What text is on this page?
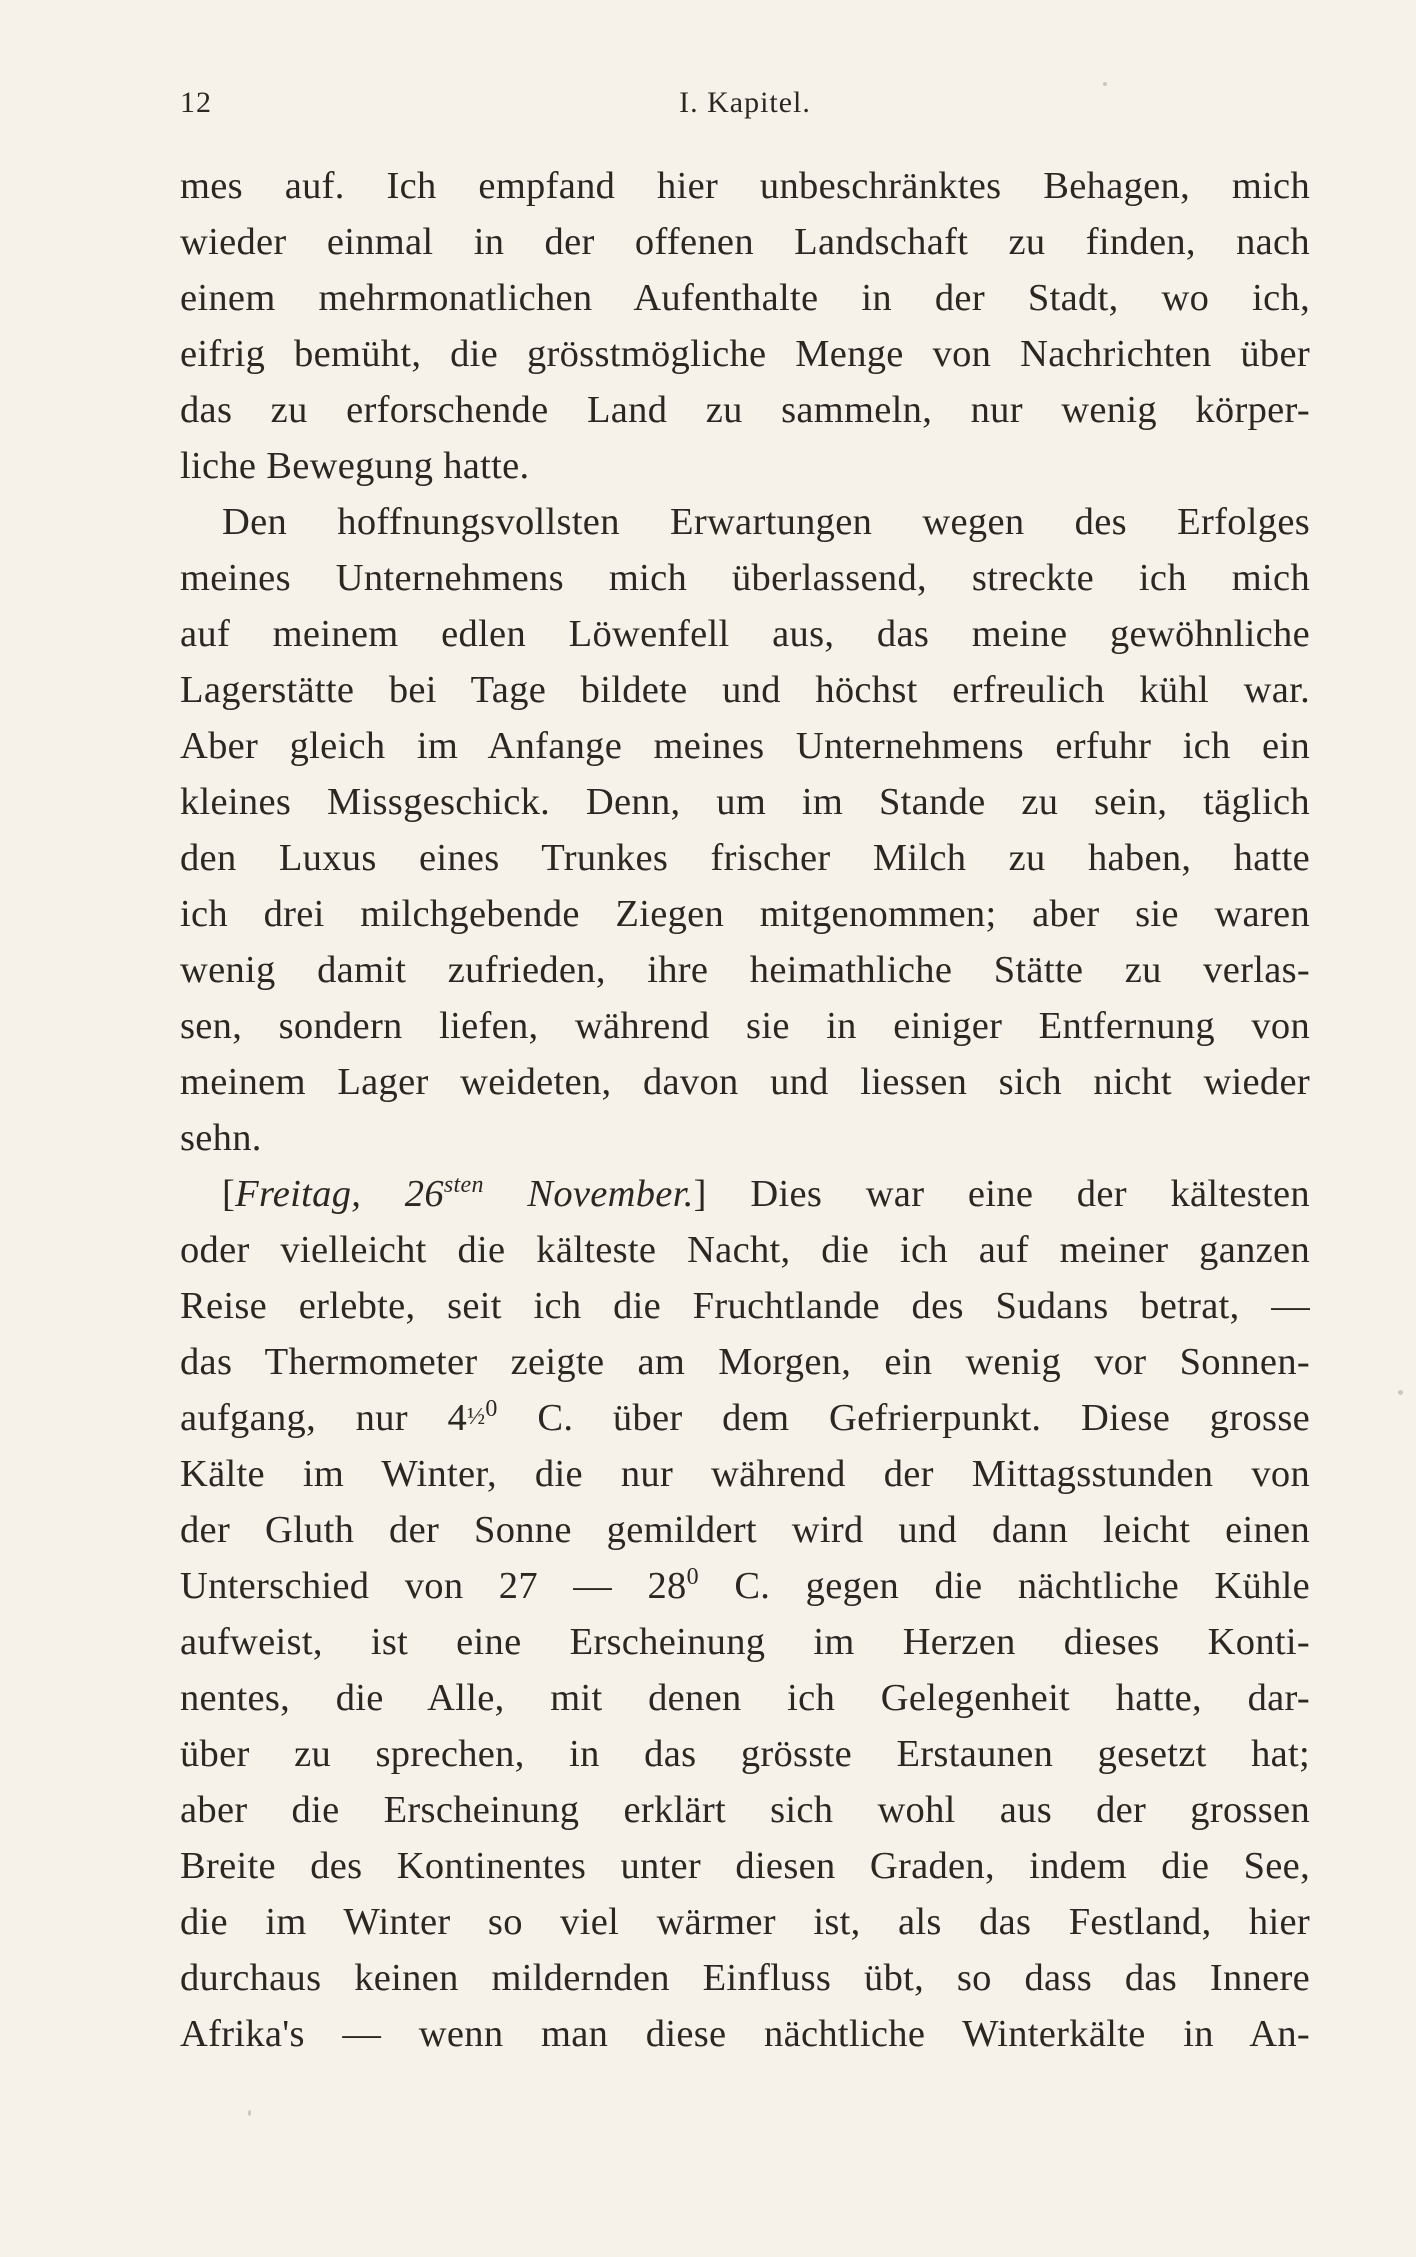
12	I. Kapitel.
mes auf. Ich empfand hier unbeschränktes Behagen, mich
wieder einmal in der offenen Landschaft zu finden, nach
einem mehrmonatlichen Aufenthalte in der Stadt, wo ich,
eifrig bemüht, die grösstmögliche Menge von Nachrichten über
das zu erforschende Land zu sammeln, nur wenig körper-
liche Bewegung hatte.
Den hoffnungsvollsten Erwartungen wegen des Erfolges
meines Unternehmens mich überlassend, streckte ich mich
auf meinem edlen Löwenfell aus, das meine gewöhnliche
Lagerstätte bei Tage bildete und höchst erfreulich kühl war.
Aber gleich im Anfange meines Unternehmens erfuhr ich ein
kleines Missgeschick. Denn, um im Stande zu sein, täglich
den Luxus eines Trunkes frischer Milch zu haben, hatte
ich drei milchgebende Ziegen mitgenommen; aber sie waren
wenig damit zufrieden, ihre heimathliche Stätte zu verlas-
sen, sondern liefen, während sie in einiger Entfernung von
meinem Lager weideten, davon und liessen sich nicht wieder
sehn.
[Freitag, $26^{sten}$ November.] Dies war eine der kältesten
oder vielleicht die kälteste Nacht, die ich auf meiner ganzen
Reise erlebte, seit ich die Fruchtlande des Sudans betrat, —
das Thermometer zeigte am Morgen, ein wenig vor Sonnen-
aufgang, nur 4½$^0$ C. über dem Gefrierpunkt. Diese grosse
Kälte im Winter, die nur während der Mittagsstunden von
der Gluth der Sonne gemildert wird und dann leicht einen
Unterschied von 27 — $28^0$ C. gegen die nächtliche Kühle
aufweist, ist eine Erscheinung im Herzen dieses Konti-
nentes, die Alle, mit denen ich Gelegenheit hatte, dar-
über zu sprechen, in das grösste Erstaunen gesetzt hat;
aber die Erscheinung erklärt sich wohl aus der grossen
Breite des Kontinentes unter diesen Graden, indem die See,
die im Winter so viel wärmer ist, als das Festland, hier
durchaus keinen mildernden Einfluss übt, so dass das Innere
Afrika's — wenn man diese nächtliche Winterkälte in An-
